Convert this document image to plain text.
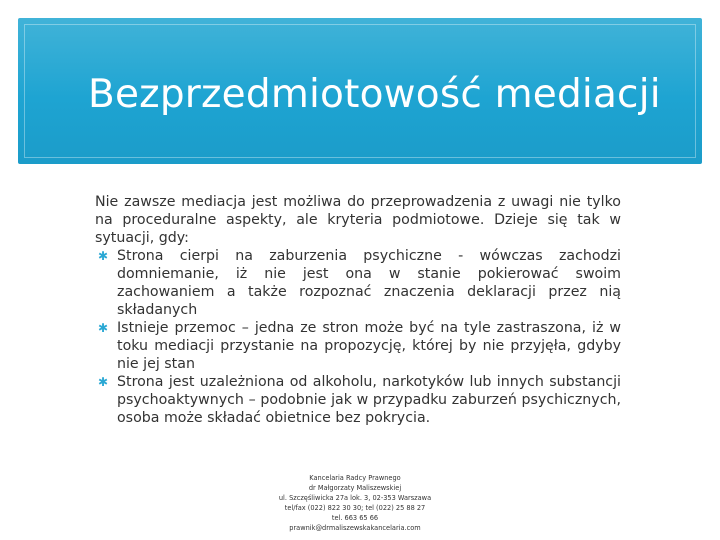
Bezprzedmiotowość mediacji

Nie zawsze mediacja jest możliwa do przeprowadzenia z uwagi nie tylko na proceduralne aspekty, ale kryteria podmiotowe. Dzieje się tak w sytuacji, gdy:

✱ Strona cierpi na zaburzenia psychiczne - wówczas zachodzi domniemanie, iż nie jest ona w stanie pokierować swoim zachowaniem a także rozpoznać znaczenia deklaracji przez nią składanych
✱ Istnieje przemoc – jedna ze stron może być na tyle zastraszona, iż w toku mediacji przystanie na propozycję, której by nie przyjęła, gdyby nie jej stan
✱ Strona jest uzależniona od alkoholu, narkotyków lub innych substancji psychoaktywnych – podobnie jak w przypadku zaburzeń psychicznych, osoba może składać obietnice bez pokrycia.
Kancelaria Radcy Prawnego
dr Małgorzaty Maliszewskiej
ul. Szczęśliwicka 27a lok. 3, 02-353 Warszawa
tel/fax (022) 822 30 30; tel (022) 25 88 27
tel. 663 65 66
prawnik@drmaliszewskakancelaria.com
